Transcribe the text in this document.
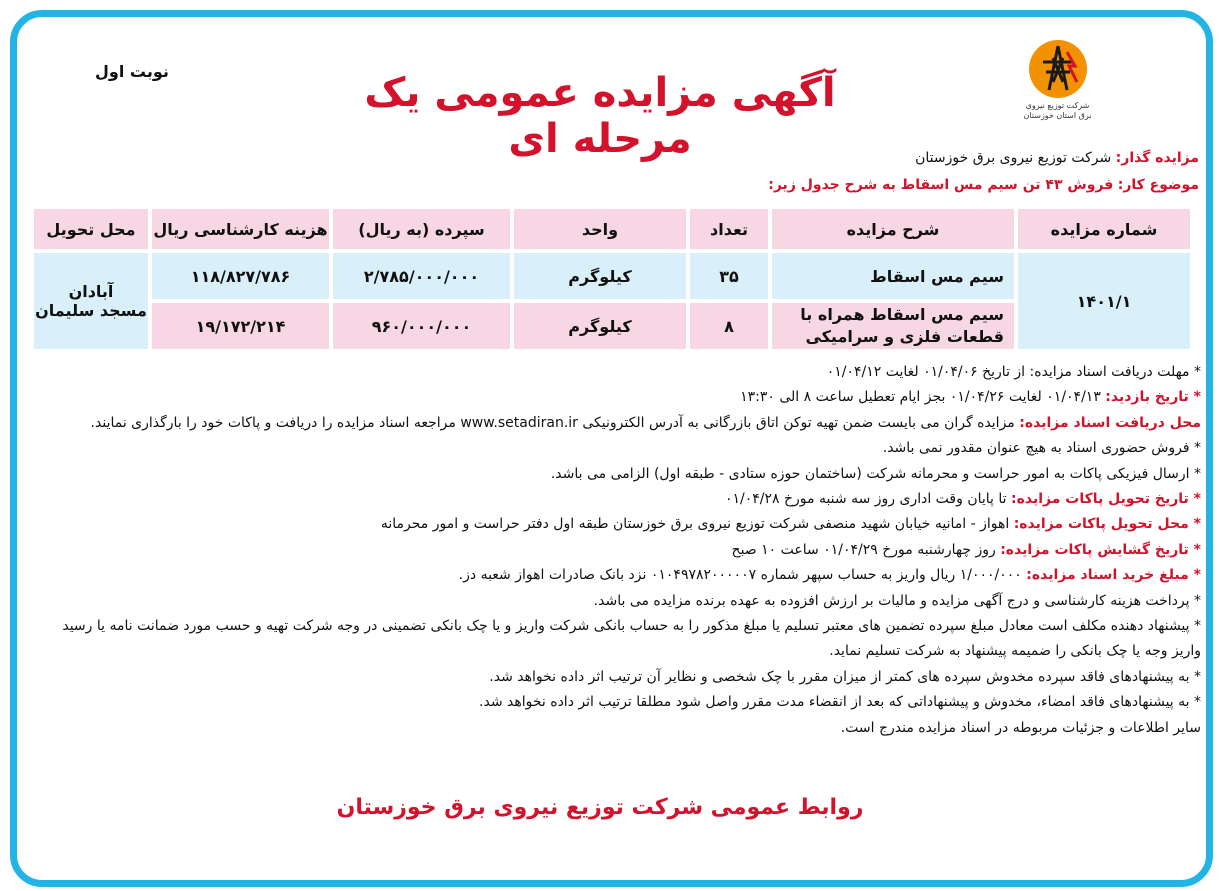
شرکت توزیع نیروی برق استان خوزستان
آگهی مزایده عمومی یک مرحله ای
نوبت اول
مزایده گذار: شرکت توزیع نیروی برق خوزستان
موضوع کار: فروش ۴۳ تن سیم مس اسقاط به شرح جدول زیر:
شماره مزایده	شرح مزایده	تعداد	واحد	سپرده (به ریال)	هزینه کارشناسی ریال	محل تحویل
۱۴۰۱/۱	سیم مس اسقاط	۳۵	کیلوگرم	۲/۷۸۵/۰۰۰/۰۰۰	۱۱۸/۸۲۷/۷۸۶	آبادان
مسجد سلیمان

	سیم مس اسقاط همراه با قطعات فلزی و سرامیکی	۸	کیلوگرم	۹۶۰/۰۰۰/۰۰۰	۱۹/۱۷۲/۲۱۴	

* مهلت دریافت اسناد مزایده: از تاریخ ۰۱/۰۴/۰۶ لغایت ۰۱/۰۴/۱۲

* تاریخ بازدید: ۰۱/۰۴/۱۳ لغایت ۰۱/۰۴/۲۶ بجز ایام تعطیل ساعت ۸ الی ۱۳:۳۰

محل دریافت اسناد مزایده: مزایده گران می بایست ضمن تهیه توکن اتاق بازرگانی به آدرس الکترونیکی www.setadiran.ir مراجعه اسناد مزایده را دریافت و پاکات خود را بارگذاری نمایند.

* فروش حضوری اسناد به هیچ عنوان مقدور نمی باشد.

* ارسال فیزیکی پاکات به امور حراست و محرمانه شرکت (ساختمان حوزه ستادی - طبقه اول) الزامی می باشد.

* تاریخ تحویل پاکات مزایده: تا پایان وقت اداری روز سه شنبه مورخ ۰۱/۰۴/۲۸

* محل تحویل پاکات مزایده: اهواز - امانیه خیابان شهید منصفی شرکت توزیع نیروی برق خوزستان طبقه اول دفتر حراست و امور محرمانه

* تاریخ گشایش پاکات مزایده: روز چهارشنبه مورخ ۰۱/۰۴/۲۹ ساعت ۱۰ صبح

* مبلغ خرید اسناد مزایده: ۱/۰۰۰/۰۰۰ ریال واریز به حساب سپهر شماره ۰۱۰۴۹۷۸۲۰۰۰۰۰۷ نزد بانک صادرات اهواز شعبه دز.

* پرداخت هزینه کارشناسی و درج آگهی مزایده و مالیات بر ارزش افزوده به عهده برنده مزایده می باشد.

* پیشنهاد دهنده مکلف است معادل مبلغ سپرده تضمین های معتبر تسلیم یا مبلغ مذکور را به حساب بانکی شرکت واریز و یا چک بانکی تضمینی در وجه شرکت تهیه و حسب مورد ضمانت نامه یا رسید واریز وجه یا چک بانکی را ضمیمه پیشنهاد به شرکت تسلیم نماید.

* به پیشنهادهای فاقد سپرده مخدوش سپرده های کمتر از میزان مقرر با چک شخصی و نظایر آن ترتیب اثر داده نخواهد شد.

* به پیشنهادهای فاقد امضاء، مخدوش و پیشنهاداتی که بعد از انقضاء مدت مقرر واصل شود مطلقا ترتیب اثر داده نخواهد شد.

سایر اطلاعات و جزئیات مربوطه در اسناد مزایده مندرج است.

روابط عمومی شرکت توزیع نیروی برق خوزستان
